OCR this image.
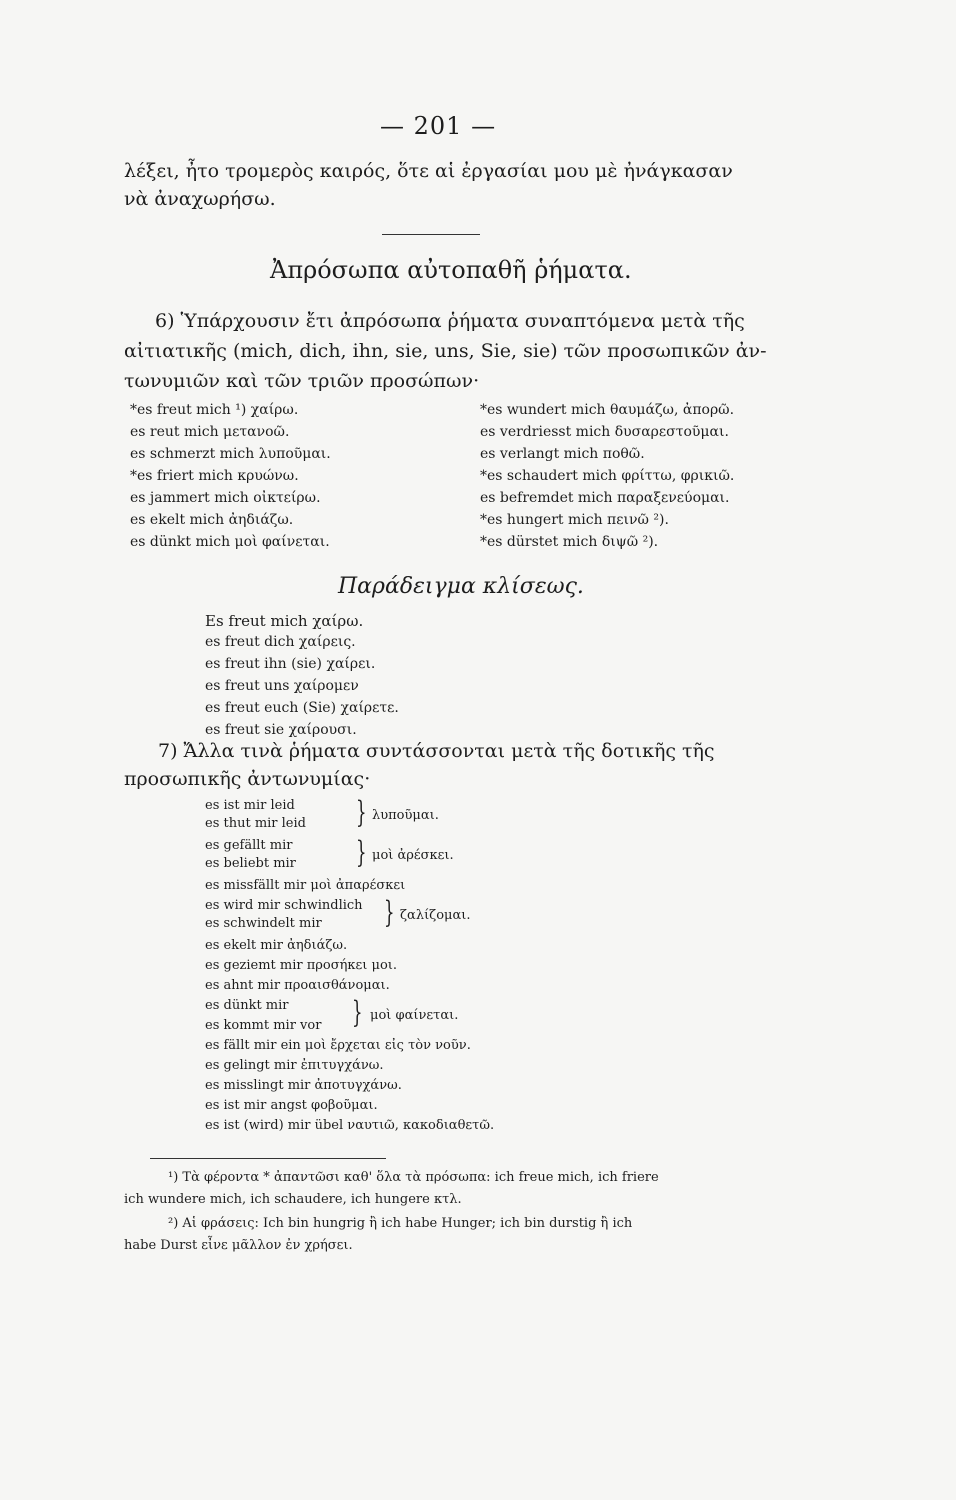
— 201 —
λέξει, ἦτο τρομερὸς καιρός, ὅτε αἱ ἐργασίαι μου μὲ ἠνάγκασαν
νὰ ἀναχωρήσω.
Ἀπρόσωπα αὐτοπαθῆ ῥήματα.
6) Ὑπάρχουσιν ἔτι ἀπρόσωπα ῥήματα συναπτόμενα μετὰ τῆς
αἰτιατικῆς (mich, dich, ihn, sie, uns, Sie, sie) τῶν προσωπικῶν ἀν-
τωνυμιῶν καὶ τῶν τριῶν προσώπων·
*es freut mich ¹) χαίρω.
es reut mich μετανοῶ.
es schmerzt mich λυποῦμαι.
*es friert mich κρυώνω.
es jammert mich οἰκτείρω.
es ekelt mich ἀηδιάζω.
es dünkt mich μοὶ φαίνεται.
*es wundert mich θαυμάζω, ἀπορῶ.
es verdriesst mich δυσαρεστοῦμαι.
es verlangt mich ποθῶ.
*es schaudert mich φρίττω, φρικιῶ.
es befremdet mich παραξενεύομαι.
*es hungert mich πεινῶ ²).
*es dürstet mich διψῶ ²).
Παράδειγμα κλίσεως.
Es freut mich χαίρω.
es freut dich χαίρεις.
es freut ihn (sie) χαίρει.
es freut uns χαίρομεν
es freut euch (Sie) χαίρετε.
es freut sie χαίρουσι.
7) Ἄλλα τινὰ ῥήματα συντάσσονται μετὰ τῆς δοτικῆς τῆς
προσωπικῆς ἀντωνυμίας·
es ist mir leid
es thut mir leid } λυποῦμαι.
es gefällt mir
es beliebt mir } μοὶ ἀρέσκει.
es missfällt mir μοὶ ἀπαρέσκει
es wird mir schwindlich
es schwindelt mir } ζαλίζομαι.
es ekelt mir ἀηδιάζω.
es geziemt mir προσήκει μοι.
es ahnt mir προαισθάνομαι.
es dünkt mir
es kommt mir vor } μοὶ φαίνεται.
es fällt mir ein μοὶ ἔρχεται εἰς τὸν νοῦν.
es gelingt mir ἐπιτυγχάνω.
es misslingt mir ἀποτυγχάνω.
es ist mir angst φοβοῦμαι.
es ist (wird) mir übel ναυτιῶ, κακοδιαθετῶ.
¹) Τὰ φέροντα * ἀπαντῶσι καθ' ὅλα τὰ πρόσωπα: ich freue mich, ich friere
ich wundere mich, ich schaudere, ich hungere κτλ.
²) Αἱ φράσεις: Ich bin hungrig ἢ ich habe Hunger; ich bin durstig ἢ ich
habe Durst εἶνε μᾶλλον ἐν χρήσει.
